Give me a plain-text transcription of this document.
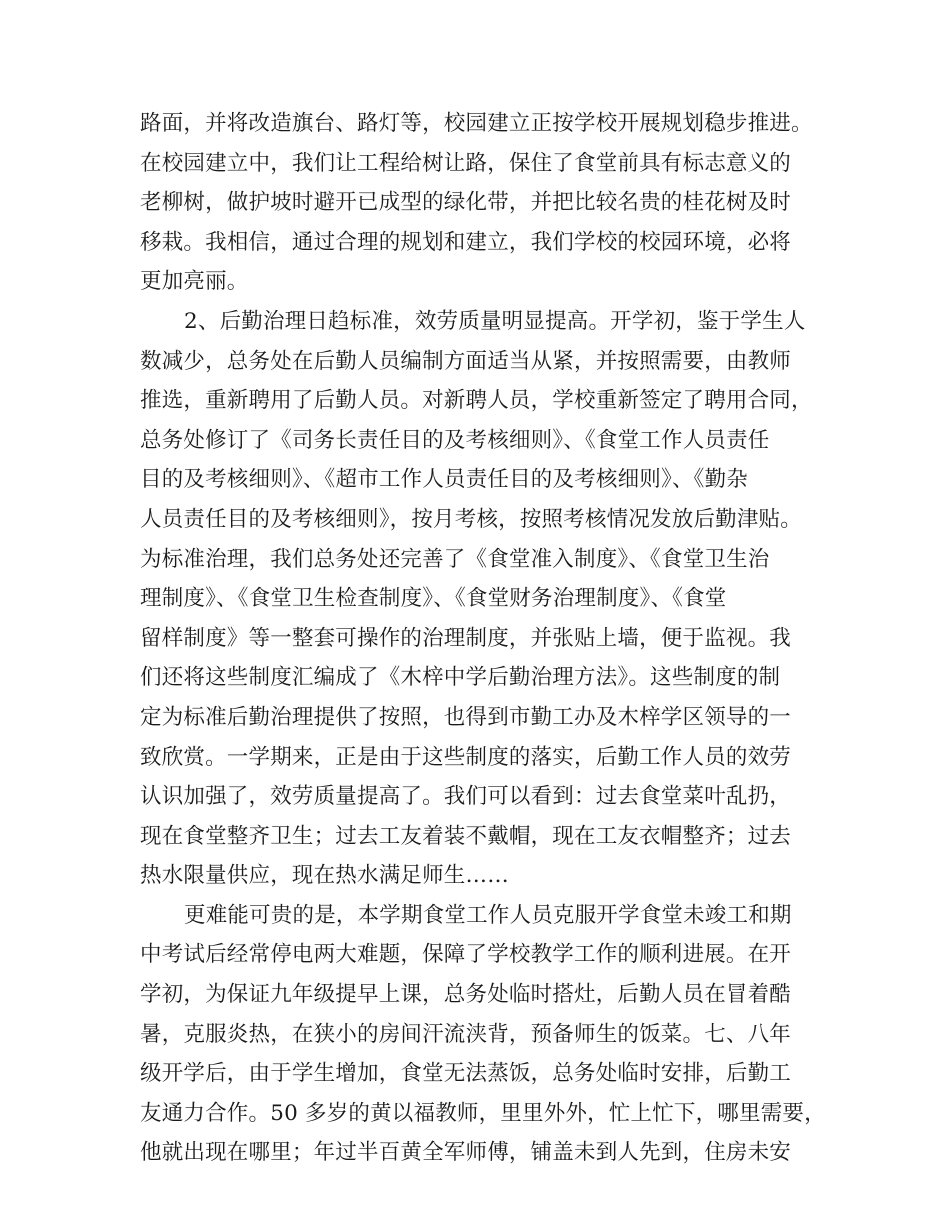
路面，并将改造旗台、路灯等，校园建立正按学校开展规划稳步推进。
在校园建立中，我们让工程给树让路，保住了食堂前具有标志意义的
老柳树，做护坡时避开已成型的绿化带，并把比较名贵的桂花树及时
移栽。我相信，通过合理的规划和建立，我们学校的校园环境，必将
更加亮丽。
2、后勤治理日趋标准，效劳质量明显提高。开学初，鉴于学生人
数减少，总务处在后勤人员编制方面适当从紧，并按照需要，由教师
推选，重新聘用了后勤人员。对新聘人员，学校重新签定了聘用合同，
总务处修订了《司务长责任目的及考核细则》、《食堂工作人员责任
目的及考核细则》、《超市工作人员责任目的及考核细则》、《勤杂
人员责任目的及考核细则》，按月考核，按照考核情况发放后勤津贴。
为标准治理，我们总务处还完善了《食堂准入制度》、《食堂卫生治
理制度》、《食堂卫生检查制度》、《食堂财务治理制度》、《食堂
留样制度》等一整套可操作的治理制度，并张贴上墙，便于监视。我
们还将这些制度汇编成了《木梓中学后勤治理方法》。这些制度的制
定为标准后勤治理提供了按照，也得到市勤工办及木梓学区领导的一
致欣赏。一学期来，正是由于这些制度的落实，后勤工作人员的效劳
认识加强了，效劳质量提高了。我们可以看到：过去食堂菜叶乱扔，
现在食堂整齐卫生；过去工友着装不戴帽，现在工友衣帽整齐；过去
热水限量供应，现在热水满足师生……
更难能可贵的是，本学期食堂工作人员克服开学食堂未竣工和期
中考试后经常停电两大难题，保障了学校教学工作的顺利进展。在开
学初，为保证九年级提早上课，总务处临时搭灶，后勤人员在冒着酷
暑，克服炎热，在狭小的房间汗流浃背，预备师生的饭菜。七、八年
级开学后，由于学生增加，食堂无法蒸饭，总务处临时安排，后勤工
友通力合作。50 多岁的黄以福教师，里里外外，忙上忙下，哪里需要，
他就出现在哪里；年过半百黄全军师傅，铺盖未到人先到，住房未安
